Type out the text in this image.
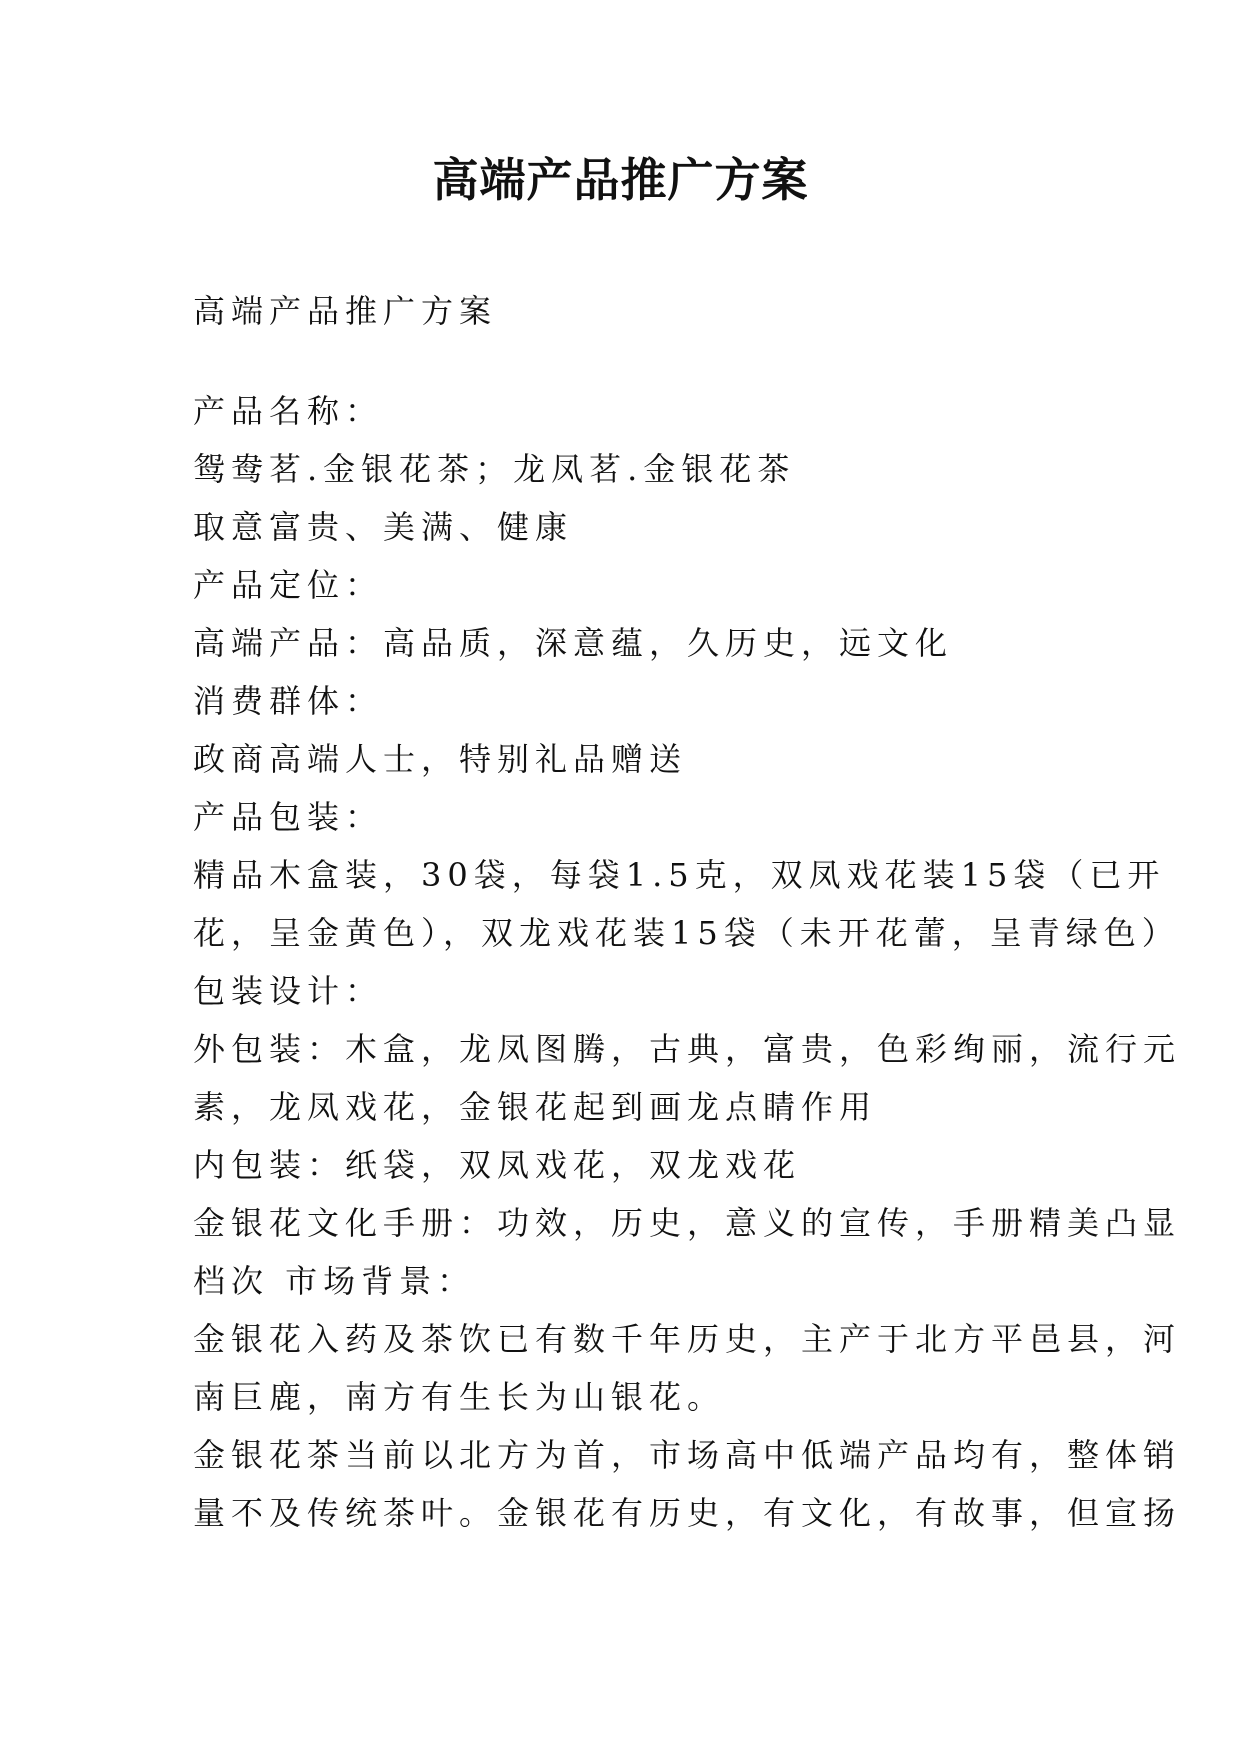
高端产品推广方案
高端产品推广方案
产品名称：
鸳鸯茗.金银花茶；龙凤茗.金银花茶
取意富贵、美满、健康
产品定位：
高端产品：高品质，深意蕴，久历史，远文化
消费群体：
政商高端人士，特别礼品赠送
产品包装：
精品木盒装，30袋，每袋1.5克，双凤戏花装15袋（已开
花，呈金黄色），双龙戏花装15袋（未开花蕾，呈青绿色）
包装设计：
外包装：木盒，龙凤图腾，古典，富贵，色彩绚丽，流行元
素，龙凤戏花，金银花起到画龙点睛作用
内包装：纸袋，双凤戏花，双龙戏花
金银花文化手册：功效，历史，意义的宣传，手册精美凸显
档次 市场背景：
金银花入药及茶饮已有数千年历史，主产于北方平邑县，河
南巨鹿，南方有生长为山银花。
金银花茶当前以北方为首，市场高中低端产品均有，整体销
量不及传统茶叶。金银花有历史，有文化，有故事，但宣扬
